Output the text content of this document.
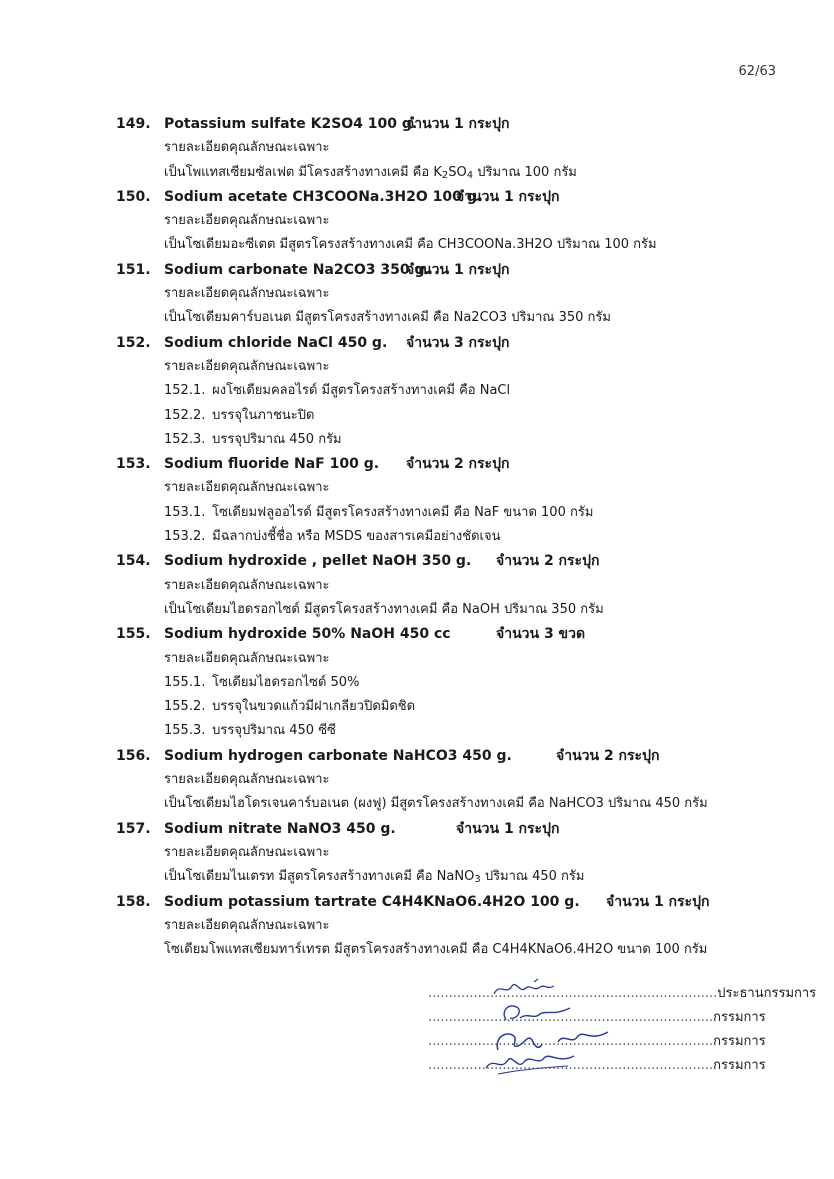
62/63
149. Potassium sulfate K2SO4 100 g.
จำนวน 1 กระปุก
รายละเอียดคุณลักษณะเฉพาะ
เป็นโพแทสเซียมซัลเฟต มีโครงสร้างทางเคมี คือ $K_2SO_4$ ปริมาณ 100 กรัม
150. Sodium acetate CH3COONa.3H2O 100 g.
จำนวน 1 กระปุก
รายละเอียดคุณลักษณะเฉพาะ
เป็นโซเดียมอะซีเตต มีสูตรโครงสร้างทางเคมี คือ CH3COONa.3H2O ปริมาณ 100 กรัม
151. Sodium carbonate Na2CO3 350 g.
จำนวน 1 กระปุก
รายละเอียดคุณลักษณะเฉพาะ
เป็นโซเดียมคาร์บอเนต มีสูตรโครงสร้างทางเคมี คือ Na2CO3 ปริมาณ 350 กรัม
152. Sodium chloride NaCl 450 g. จำนวน 3 กระปุก
รายละเอียดคุณลักษณะเฉพาะ
152.1. ผงโซเดียมคลอไรด์ มีสูตรโครงสร้างทางเคมี คือ NaCl
152.2. บรรจุในภาชนะปิด
152.3. บรรจุปริมาณ 450 กรัม
153. Sodium fluoride NaF 100 g. จำนวน 2 กระปุก
รายละเอียดคุณลักษณะเฉพาะ
153.1. โซเดียมฟลูออไรด์ มีสูตรโครงสร้างทางเคมี คือ NaF ขนาด 100 กรัม
153.2. มีฉลากบ่งชี้ชื่อ หรือ MSDS ของสารเคมีอย่างชัดเจน
154. Sodium hydroxide , pellet NaOH 350 g. จำนวน 2 กระปุก
รายละเอียดคุณลักษณะเฉพาะ
เป็นโซเดียมไฮดรอกไซด์ มีสูตรโครงสร้างทางเคมี คือ NaOH ปริมาณ 350 กรัม
155. Sodium hydroxide 50% NaOH 450 cc	จำนวน 3 ขวด
รายละเอียดคุณลักษณะเฉพาะ
155.1. โซเดียมไฮดรอกไซด์ 50%
155.2. บรรจุในขวดแก้วมีฝาเกลียวปิดมิดชิด
155.3. บรรจุปริมาณ 450 ซีซี
156. Sodium hydrogen carbonate NaHCO3 450 g.	จำนวน 2 กระปุก
รายละเอียดคุณลักษณะเฉพาะ
เป็นโซเดียมไฮโดรเจนคาร์บอเนต (ผงฟู) มีสูตรโครงสร้างทางเคมี คือ NaHCO3 ปริมาณ 450 กรัม
157. Sodium nitrate NaNO3 450 g.	จำนวน 1 กระปุก
รายละเอียดคุณลักษณะเฉพาะ
เป็นโซเดียมไนเตรท มีสูตรโครงสร้างทางเคมี คือ NaNO$_3$ ปริมาณ 450 กรัม
158. Sodium potassium tartrate C4H4KNaO6.4H2O 100 g. จำนวน 1 กระปุก
รายละเอียดคุณลักษณะเฉพาะ
โซเดียมโพแทสเซียมทาร์เทรต มีสูตรโครงสร้างทางเคมี คือ C4H4KNaO6.4H2O ขนาด 100 กรัม
......................................................................ประธานกรรมการ
.....................................................................กรรมการ
.....................................................................กรรมการ
.....................................................................กรรมการ
